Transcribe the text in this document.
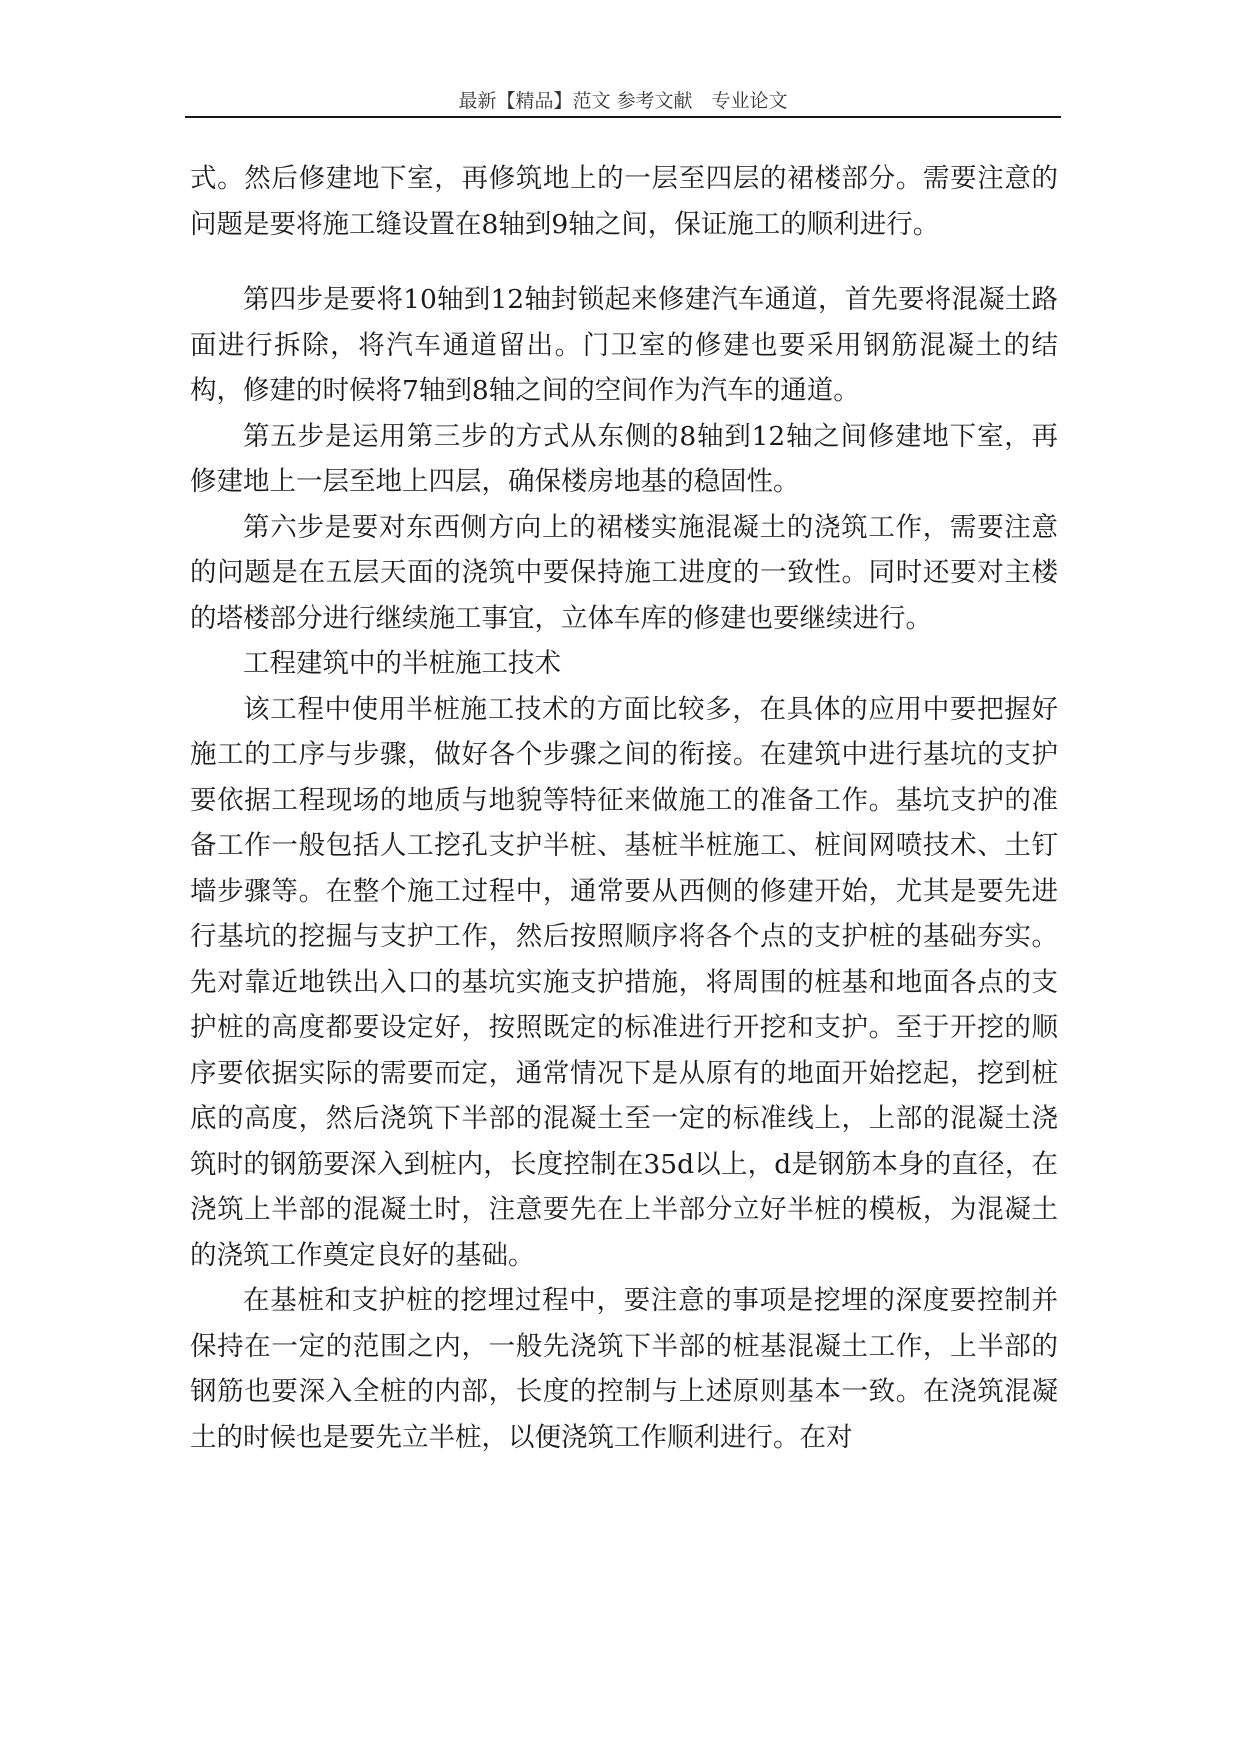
最新【精品】范文 参考文献　专业论文

式。然后修建地下室，再修筑地上的一层至四层的裙楼部分。需要注意的问题是要将施工缝设置在8轴到9轴之间，保证施工的顺利进行。

第四步是要将10轴到12轴封锁起来修建汽车通道，首先要将混凝土路面进行拆除，将汽车通道留出。门卫室的修建也要采用钢筋混凝土的结构，修建的时候将7轴到8轴之间的空间作为汽车的通道。

第五步是运用第三步的方式从东侧的8轴到12轴之间修建地下室，再修建地上一层至地上四层，确保楼房地基的稳固性。

第六步是要对东西侧方向上的裙楼实施混凝土的浇筑工作，需要注意的问题是在五层天面的浇筑中要保持施工进度的一致性。同时还要对主楼的塔楼部分进行继续施工事宜，立体车库的修建也要继续进行。

工程建筑中的半桩施工技术

该工程中使用半桩施工技术的方面比较多，在具体的应用中要把握好施工的工序与步骤，做好各个步骤之间的衔接。在建筑中进行基坑的支护要依据工程现场的地质与地貌等特征来做施工的准备工作。基坑支护的准备工作一般包括人工挖孔支护半桩、基桩半桩施工、桩间网喷技术、土钉墙步骤等。在整个施工过程中，通常要从西侧的修建开始，尤其是要先进行基坑的挖掘与支护工作，然后按照顺序将各个点的支护桩的基础夯实。先对靠近地铁出入口的基坑实施支护措施，将周围的桩基和地面各点的支护桩的高度都要设定好，按照既定的标准进行开挖和支护。至于开挖的顺序要依据实际的需要而定，通常情况下是从原有的地面开始挖起，挖到桩底的高度，然后浇筑下半部的混凝土至一定的标准线上，上部的混凝土浇筑时的钢筋要深入到桩内，长度控制在35d以上，d是钢筋本身的直径，在浇筑上半部的混凝土时，注意要先在上半部分立好半桩的模板，为混凝土的浇筑工作奠定良好的基础。

在基桩和支护桩的挖埋过程中，要注意的事项是挖埋的深度要控制并保持在一定的范围之内，一般先浇筑下半部的桩基混凝土工作，上半部的钢筋也要深入全桩的内部，长度的控制与上述原则基本一致。在浇筑混凝土的时候也是要先立半桩，以便浇筑工作顺利进行。在对
